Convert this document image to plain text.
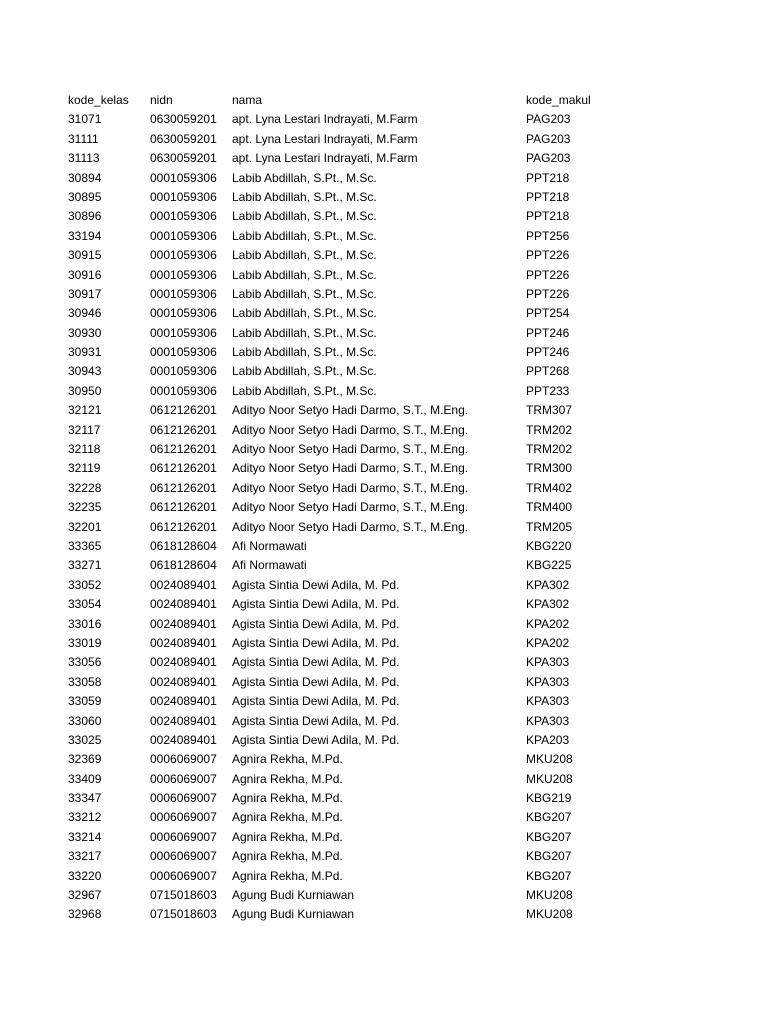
kode_kelas nidn	nama	kode_makul
31071	0630059201 apt. Lyna Lestari Indrayati, M.Farm	PAG203
31111	0630059201 apt. Lyna Lestari Indrayati, M.Farm	PAG203
31113	0630059201 apt. Lyna Lestari Indrayati, M.Farm	PAG203
30894	0001059306 Labib Abdillah, S.Pt., M.Sc.	PPT218
30895	0001059306 Labib Abdillah, S.Pt., M.Sc.	PPT218
30896	0001059306 Labib Abdillah, S.Pt., M.Sc.	PPT218
33194	0001059306 Labib Abdillah, S.Pt., M.Sc.	PPT256
30915	0001059306 Labib Abdillah, S.Pt., M.Sc.	PPT226
30916	0001059306 Labib Abdillah, S.Pt., M.Sc.	PPT226
30917	0001059306 Labib Abdillah, S.Pt., M.Sc.	PPT226
30946	0001059306 Labib Abdillah, S.Pt., M.Sc.	PPT254
30930	0001059306 Labib Abdillah, S.Pt., M.Sc.	PPT246
30931	0001059306 Labib Abdillah, S.Pt., M.Sc.	PPT246
30943	0001059306 Labib Abdillah, S.Pt., M.Sc.	PPT268
30950	0001059306 Labib Abdillah, S.Pt., M.Sc.	PPT233
32121	0612126201 Adityo Noor Setyo Hadi Darmo, S.T., M.Eng.	TRM307
32117	0612126201 Adityo Noor Setyo Hadi Darmo, S.T., M.Eng.	TRM202
32118	0612126201 Adityo Noor Setyo Hadi Darmo, S.T., M.Eng.	TRM202
32119	0612126201 Adityo Noor Setyo Hadi Darmo, S.T., M.Eng.	TRM300
32228	0612126201 Adityo Noor Setyo Hadi Darmo, S.T., M.Eng.	TRM402
32235	0612126201 Adityo Noor Setyo Hadi Darmo, S.T., M.Eng.	TRM400
32201	0612126201 Adityo Noor Setyo Hadi Darmo, S.T., M.Eng.	TRM205
33365	0618128604 Afi Normawati	KBG220
33271	0618128604 Afi Normawati	KBG225
33052	0024089401 Agista Sintia Dewi Adila, M. Pd.	KPA302
33054	0024089401 Agista Sintia Dewi Adila, M. Pd.	KPA302
33016	0024089401 Agista Sintia Dewi Adila, M. Pd.	KPA202
33019	0024089401 Agista Sintia Dewi Adila, M. Pd.	KPA202
33056	0024089401 Agista Sintia Dewi Adila, M. Pd.	KPA303
33058	0024089401 Agista Sintia Dewi Adila, M. Pd.	KPA303
33059	0024089401 Agista Sintia Dewi Adila, M. Pd.	KPA303
33060	0024089401 Agista Sintia Dewi Adila, M. Pd.	KPA303
33025	0024089401 Agista Sintia Dewi Adila, M. Pd.	KPA203
32369	0006069007 Agnira Rekha, M.Pd.	MKU208
33409	0006069007 Agnira Rekha, M.Pd.	MKU208
33347	0006069007 Agnira Rekha, M.Pd.	KBG219
33212	0006069007 Agnira Rekha, M.Pd.	KBG207
33214	0006069007 Agnira Rekha, M.Pd.	KBG207
33217	0006069007 Agnira Rekha, M.Pd.	KBG207
33220	0006069007 Agnira Rekha, M.Pd.	KBG207
32967	0715018603 Agung Budi Kurniawan	MKU208
32968	0715018603 Agung Budi Kurniawan	MKU208
